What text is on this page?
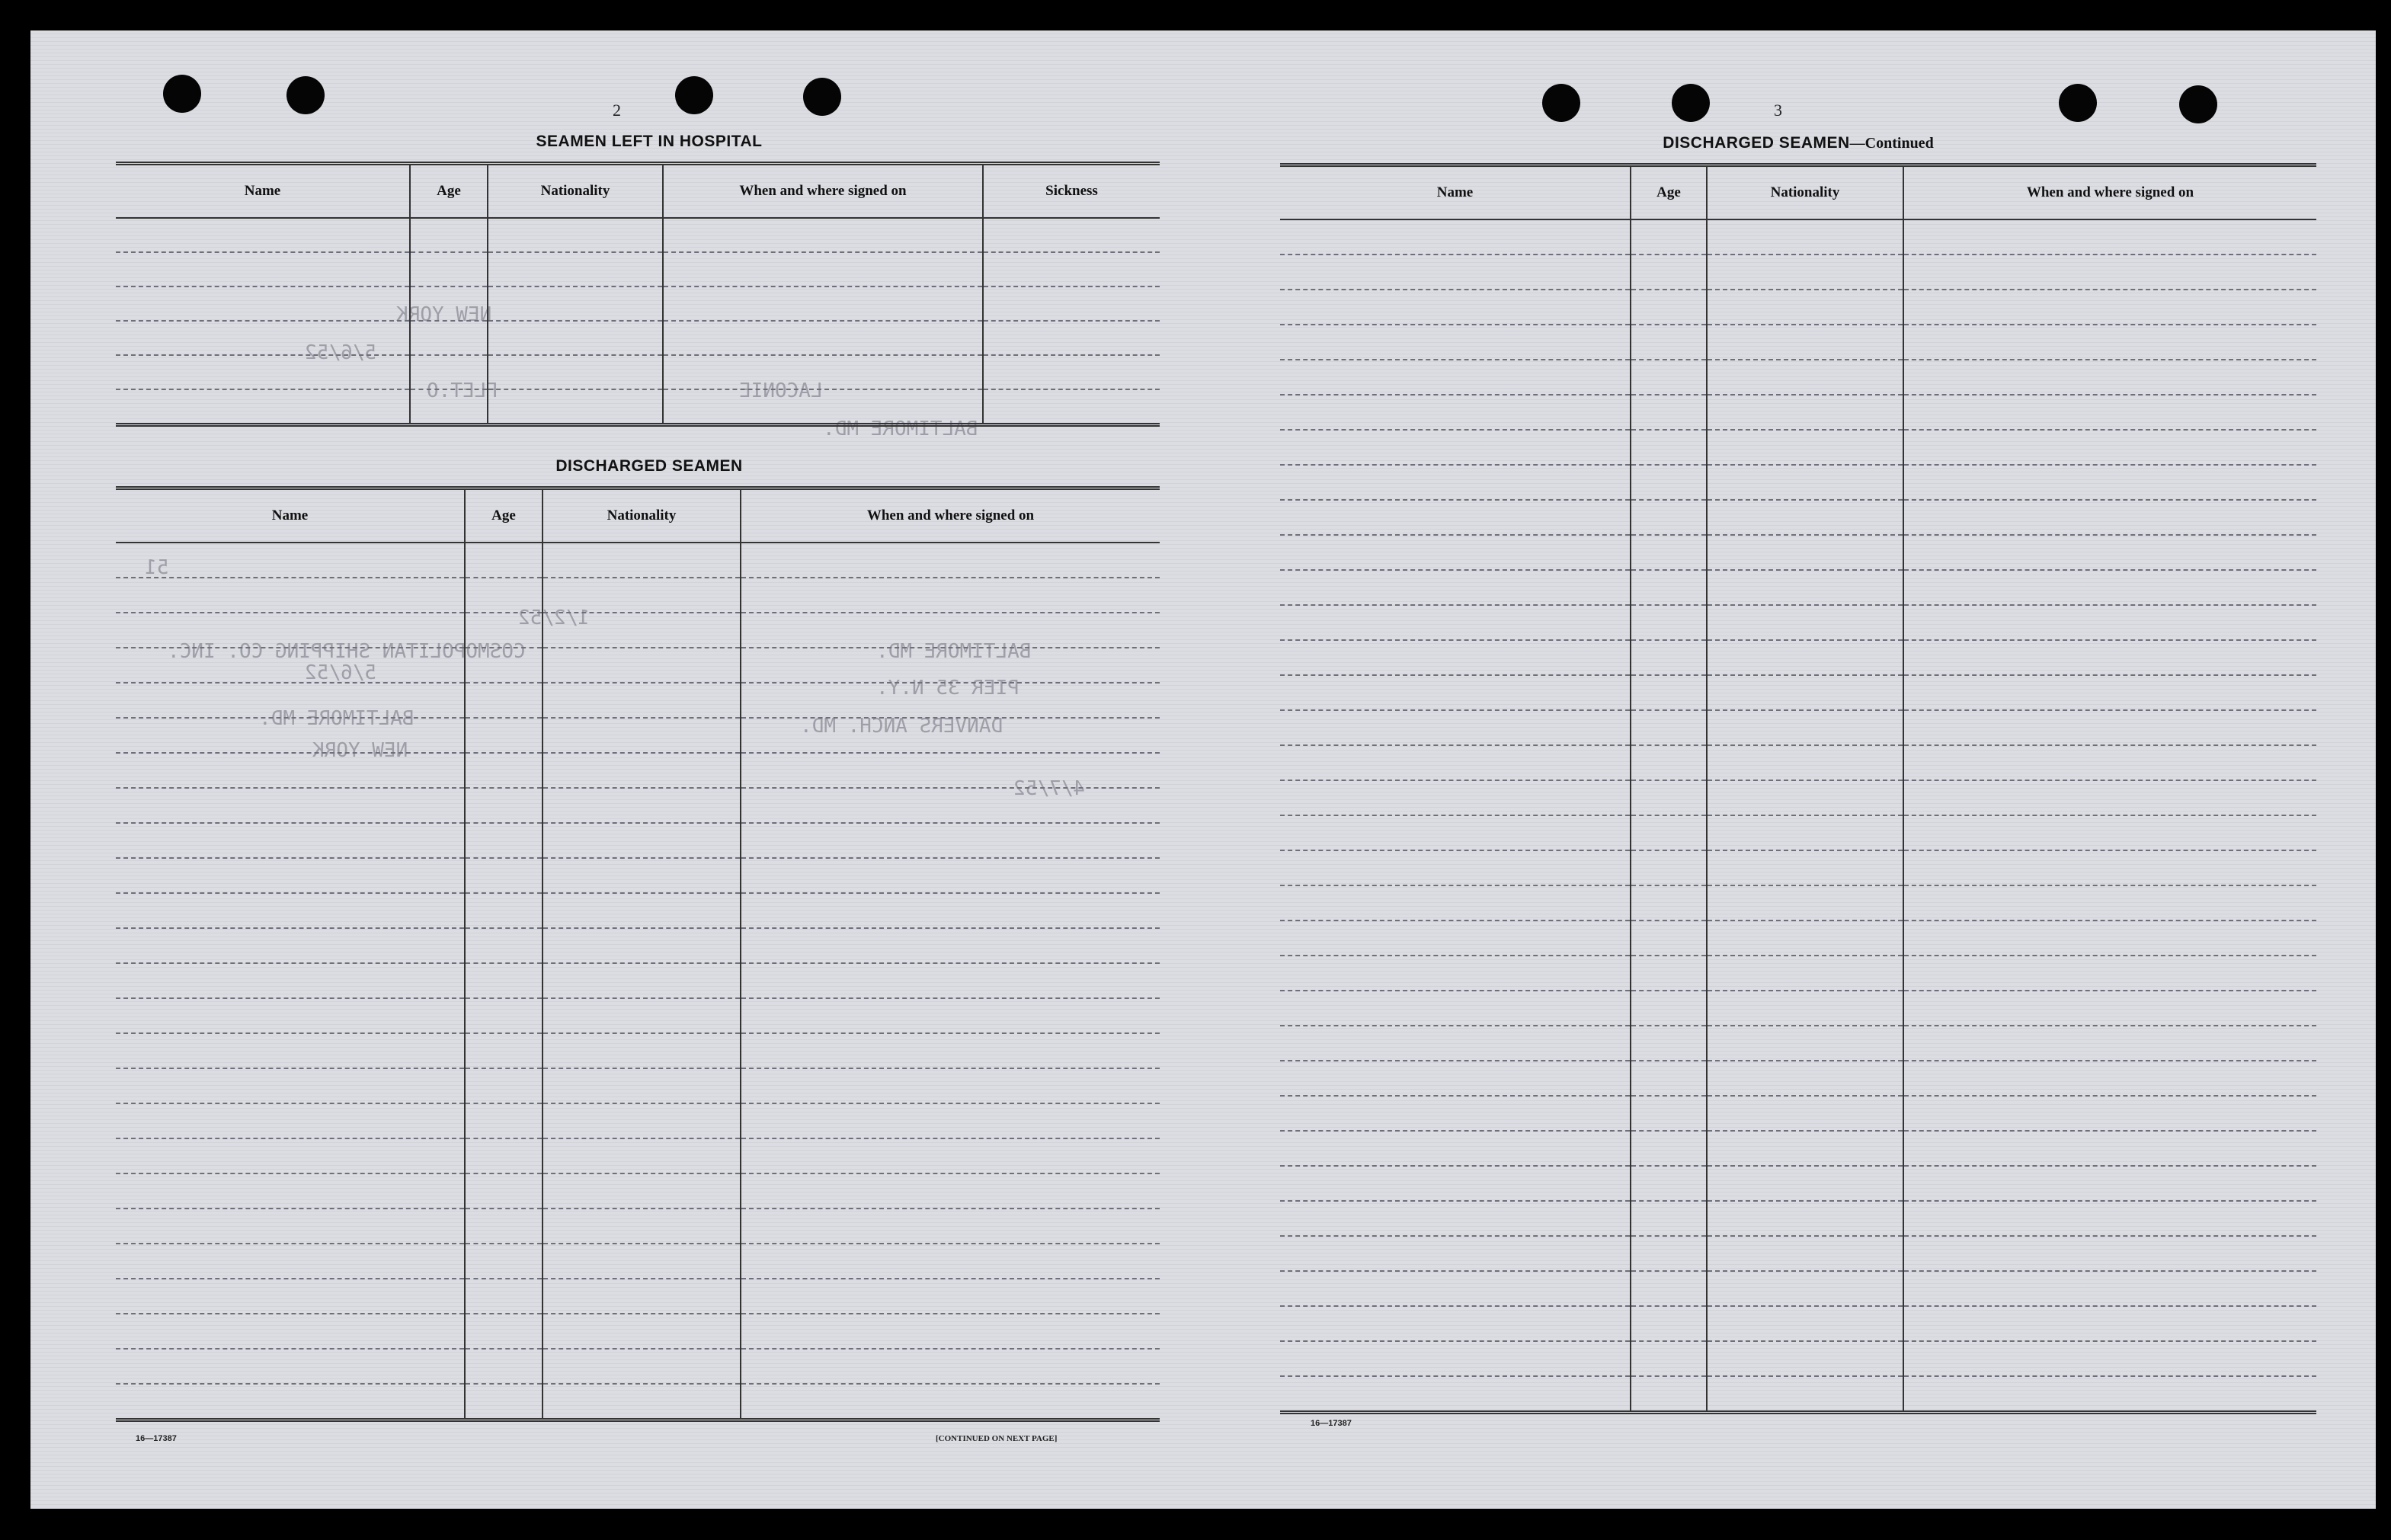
NEW YORK
5/6/52
FLET.O	LACONIE
BALTIMORE MD.
51
1/2/52
COSMOPOLITAN SHIPPING CO. INC.
5/6/52
BALTIMORE MD.
NEW YORK
BALTIMORE MD.
PIER 35 N.Y.
DANVERS ANCH. MD.
4/7/52
2
SEAMEN LEFT IN HOSPITAL
Name	Age	Nationality	When and where signed on	Sickness

DISCHARGED SEAMEN
Name	Age	Nationality	When and where signed on

16—17387	[CONTINUED ON NEXT PAGE]
3
DISCHARGED SEAMEN—Continued
Name	Age	Nationality	When and where signed on

16—17387
